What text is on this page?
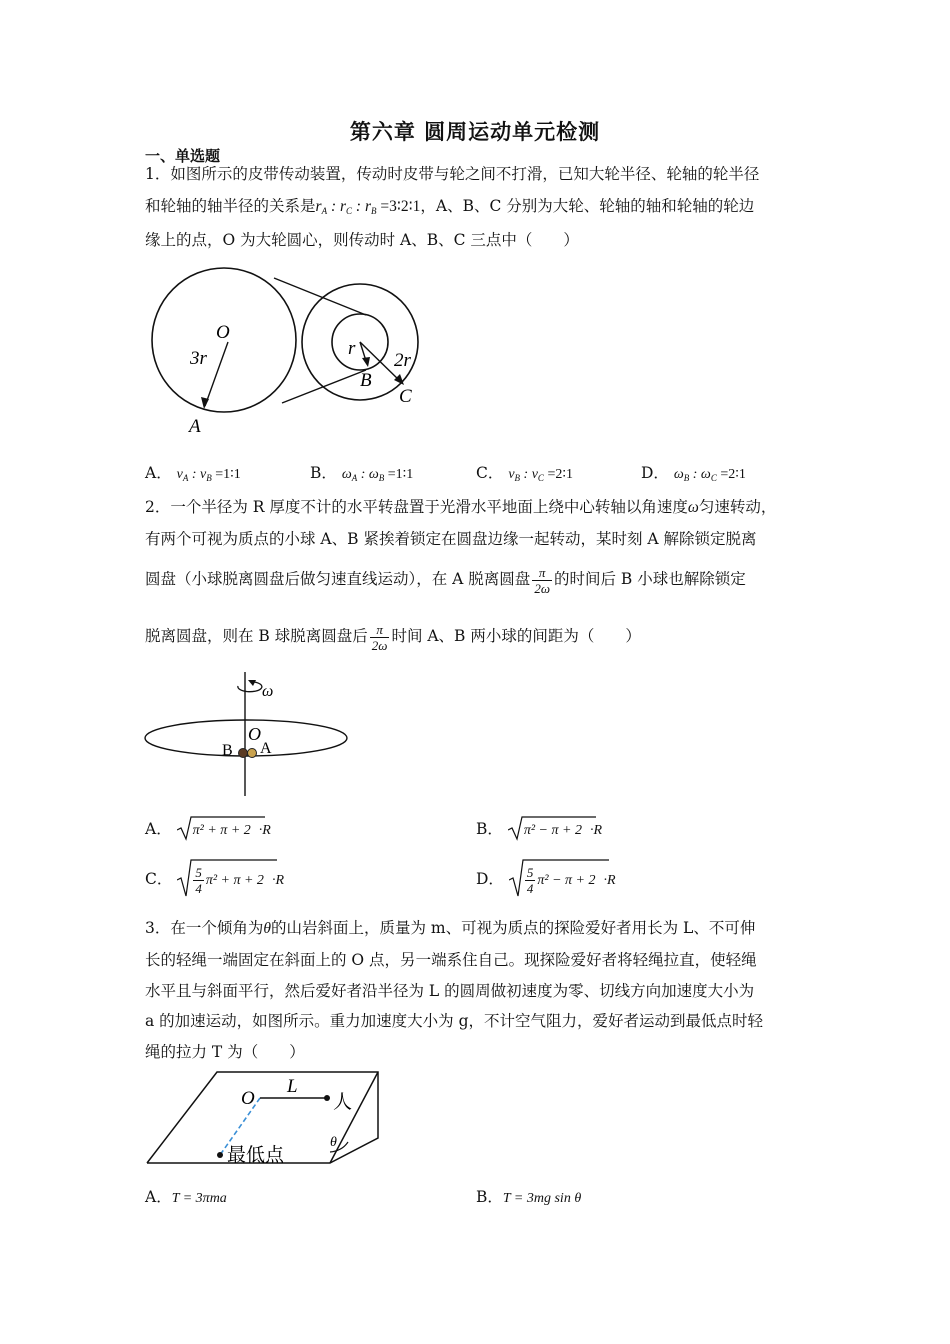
第六章 圆周运动单元检测
一、单选题
1．如图所示的皮带传动装置，传动时皮带与轮之间不打滑，已知大轮半径、轮轴的轮半径
和轮轴的轴半径的关系是$r_A$ : $r_C$ : $r_B$ =3∶2∶1，A、B、C 分别为大轮、轮轴的轴和轮轴的轮边
缘上的点，O 为大轮圆心，则传动时 A、B、C 三点中（　　）
O
3r
A
r
B
2r
C
A． $v_A$ : $v_B$ =1∶1	B． $\omega_A$ : $\omega_B$ =1∶1	C． $v_B$ : $v_C$ =2∶1	D． $\omega_B$ : $\omega_C$ =2∶1
2．一个半径为 R 厚度不计的水平转盘置于光滑水平地面上绕中心转轴以角速度ω匀速转动，
有两个可视为质点的小球 A、B 紧挨着锁定在圆盘边缘一起转动，某时刻 A 解除锁定脱离
圆盘（小球脱离圆盘后做匀速直线运动），在 A 脱离圆盘 $\frac{\pi}{2\omega}$ 的时间后 B 小球也解除锁定
脱离圆盘，则在 B 球脱离圆盘后 $\frac{\pi}{2\omega}$ 时间 A、B 两小球的间距为（　　）
ω
O
B A
A． π² + π + 2 ·R	B． π² − π + 2 ·R
C． $\frac{5}{4} \pi^2 + \pi + 2 \cdot R$	D． $\frac{5}{4} \pi^2 - \pi + 2 \cdot R$
3．在一个倾角为θ的山岩斜面上，质量为 m、可视为质点的探险爱好者用长为 L、不可伸
长的轻绳一端固定在斜面上的 O 点，另一端系住自己。现探险爱好者将轻绳拉直，使轻绳
水平且与斜面平行，然后爱好者沿半径为 L 的圆周做初速度为零、切线方向加速度大小为
a 的加速运动，如图所示。重力加速度大小为 g，不计空气阻力，爱好者运动到最低点时轻
绳的拉力 T 为（　　）
O
L
人
θ
最低点
A．T = 3πma	B．T = 3mg sin θ
